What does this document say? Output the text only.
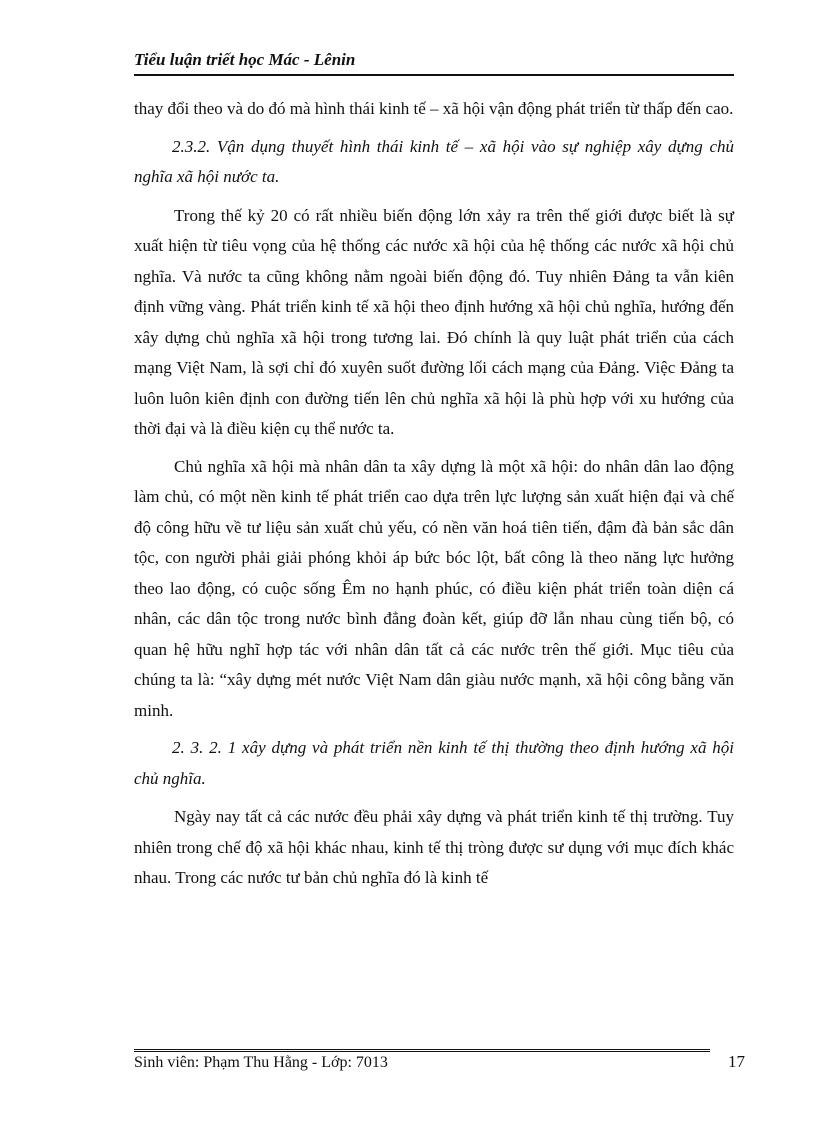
Tiểu luận triết học Mác - Lênin

thay đổi theo và do đó mà hình thái kinh tế – xã hội vận động phát triển từ thấp đến cao.

2.3.2. Vận dụng thuyết hình thái kinh tế – xã hội vào sự nghiệp xây dựng chủ nghĩa xã hội nước ta.

Trong thế kỷ 20 có rất nhiều biến động lớn xảy ra trên thế giới được biết là sự xuất hiện từ tiêu vọng của hệ thống các nước xã hội của hệ thống các nước xã hội chủ nghĩa. Và nước ta cũng không nằm ngoài biến động đó. Tuy nhiên Đảng ta vẫn kiên định vững vàng. Phát triển kinh tế xã hội theo định hướng xã hội chủ nghĩa, hướng đến xây dựng chủ nghĩa xã hội trong tương lai. Đó chính là quy luật phát triển của cách mạng Việt Nam, là sợi chỉ đó xuyên suốt đường lối cách mạng của Đảng. Việc Đảng ta luôn luôn kiên định con đường tiến lên chủ nghĩa xã hội là phù hợp với xu hướng của thời đại và là điều kiện cụ thể nước ta.

Chủ nghĩa xã hội mà nhân dân ta xây dựng là một xã hội: do nhân dân lao động làm chủ, có một nền kinh tế phát triển cao dựa trên lực lượng sản xuất hiện đại và chế độ công hữu về tư liệu sản xuất chủ yếu, có nền văn hoá tiên tiến, đậm đà bản sắc dân tộc, con người phải giải phóng khỏi áp bức bóc lột, bất công là theo năng lực hưởng theo lao động, có cuộc sống Êm no hạnh phúc, có điều kiện phát triển toàn diện cá nhân, các dân tộc trong nước bình đẳng đoàn kết, giúp đỡ lẫn nhau cùng tiến bộ, có quan hệ hữu nghĩ hợp tác với nhân dân tất cả các nước trên thế giới. Mục tiêu của chúng ta là: “xây dựng mét nước Việt Nam dân giàu nước mạnh, xã hội công bằng văn minh.

2. 3. 2. 1 xây dựng và phát triển nền kinh tế thị thường theo định hướng xã hội chủ nghĩa.

Ngày nay tất cả các nước đều phải xây dựng và phát triển kinh tế thị trường. Tuy nhiên trong chế độ xã hội khác nhau, kinh tế thị tròng được sư dụng với mục đích khác nhau. Trong các nước tư bản chủ nghĩa đó là kinh tế

Sinh viên: Phạm Thu Hằng - Lớp: 7013	17
